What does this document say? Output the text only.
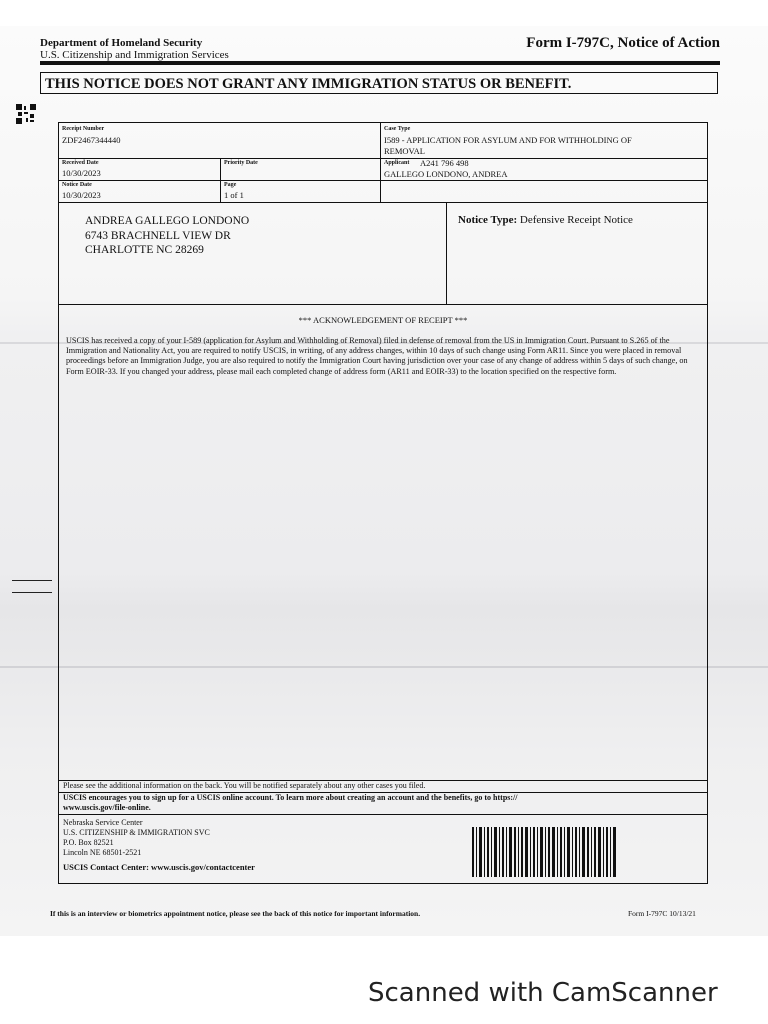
Department of Homeland Security
U.S. Citizenship and Immigration Services
Form I-797C, Notice of Action
THIS NOTICE DOES NOT GRANT ANY IMMIGRATION STATUS OR BENEFIT.
Receipt Number
ZDF2467344440
Case Type
I589 - APPLICATION FOR ASYLUM AND FOR WITHHOLDING OF
REMOVAL
Received Date
10/30/2023
Priority Date	Applicant A241 796 498
GALLEGO LONDONO, ANDREA
Notice Date
10/30/2023
Page
1 of 1
ANDREA GALLEGO LONDONO
6743 BRACHNELL VIEW DR
CHARLOTTE NC 28269
Notice Type: Defensive Receipt Notice
*** ACKNOWLEDGEMENT OF RECEIPT ***
USCIS has received a copy of your I-589 (application for Asylum and Withholding of Removal) filed in defense of removal from the US in Immigration Court. Pursuant to S.265 of the Immigration and Nationality Act, you are required to notify USCIS, in writing, of any address changes, within 10 days of such change using Form AR11. Since you were placed in removal proceedings before an Immigration Judge, you are also required to notify the Immigration Court having jurisdiction over your case of any change of address within 5 days of such change, on Form EOIR-33. If you changed your address, please mail each completed change of address form (AR11 and EOIR-33) to the location specified on the respective form.
Please see the additional information on the back. You will be notified separately about any other cases you filed.
USCIS encourages you to sign up for a USCIS online account. To learn more about creating an account and the benefits, go to https://
www.uscis.gov/file-online.
Nebraska Service Center
U.S. CITIZENSHIP & IMMIGRATION SVC
P.O. Box 82521
Lincoln NE 68501-2521
USCIS Contact Center: www.uscis.gov/contactcenter
If this is an interview or biometrics appointment notice, please see the back of this notice for important information.	Form I-797C 10/13/21
Scanned with CamScanner
